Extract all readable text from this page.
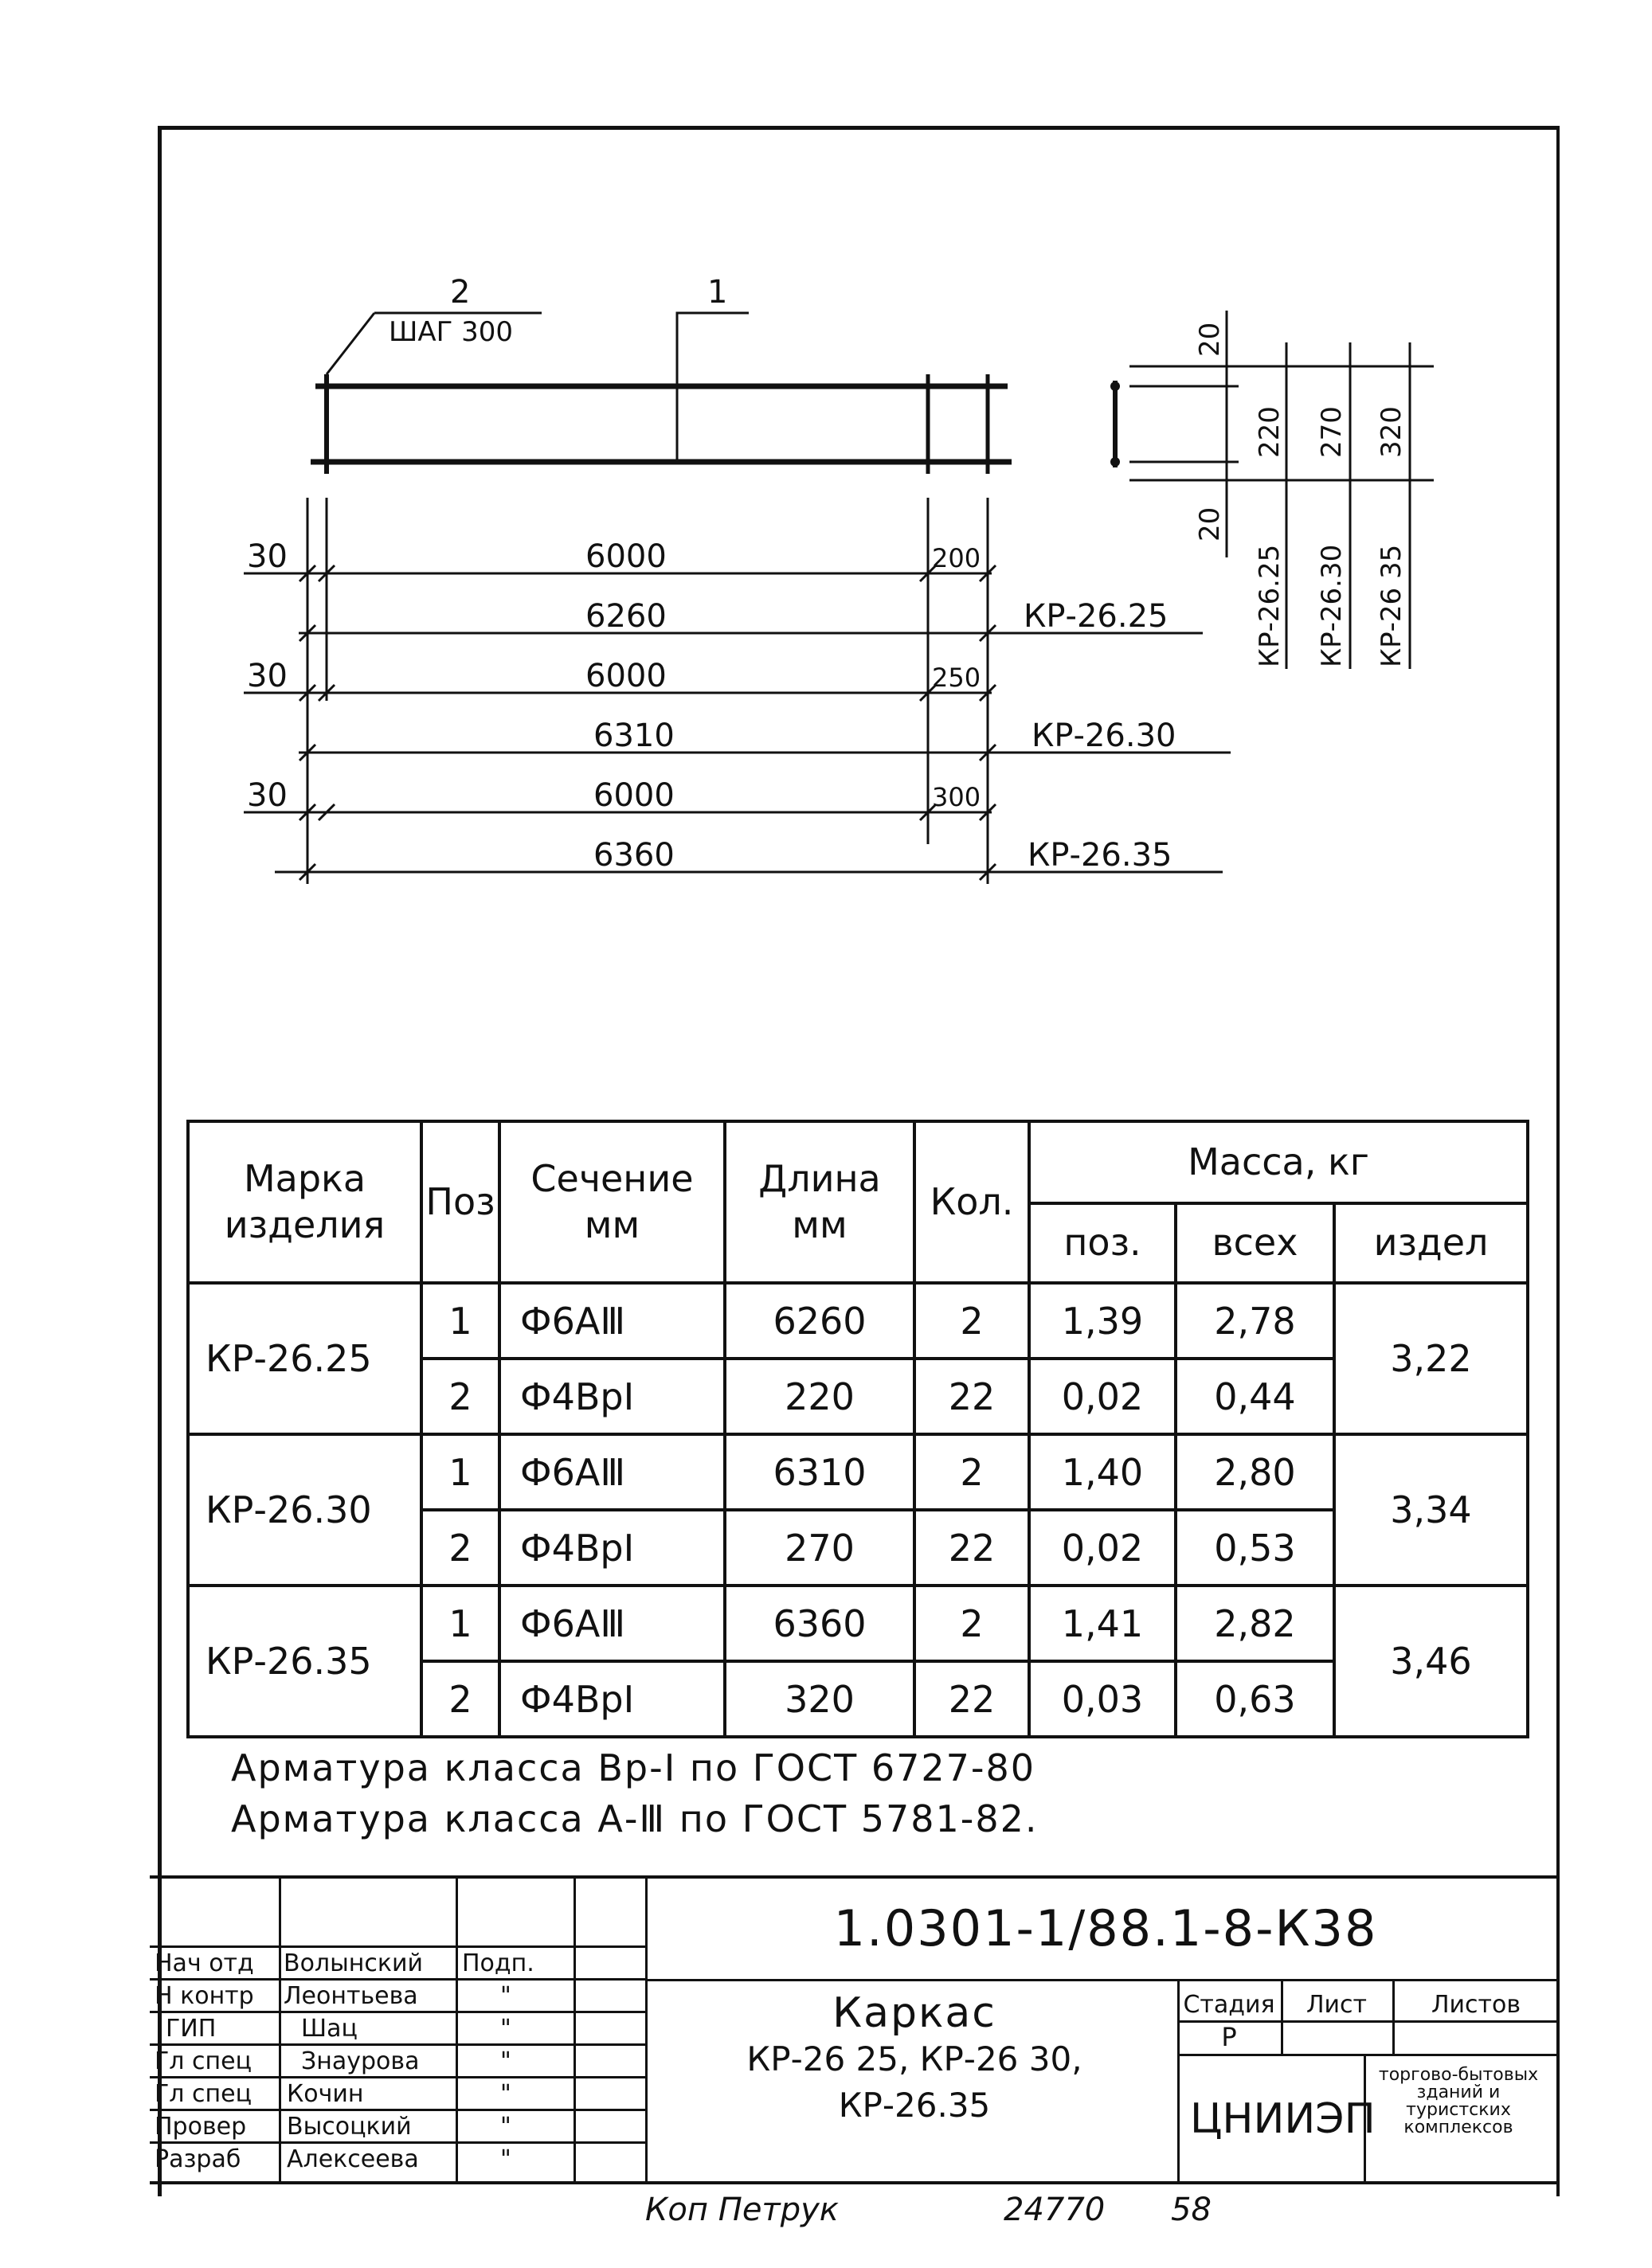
2
ШАГ 300
1
30	6000	200
6260	КР-26.25
30	6000	250
6310	КР-26.30
30	6000	300
6360	КР-26.35
20
20
220 270 320
КР-26.25 КР-26.30 КР-26 35
Марка изделия	Поз	Сечение мм	Длина мм	Кол.	Масса, кг		
					поз.	всех	издел
КР-26.25	1	Ф6АⅢ	6260	2	1,39	2,78	3,22
	2	Ф4ВрⅠ	220	22	0,02	0,44	
КР-26.30	1	Ф6АⅢ	6310	2	1,40	2,80	3,34
	2	Ф4ВрⅠ	270	22	0,02	0,53	
КР-26.35	1	Ф6АⅢ	6360	2	1,41	2,82	3,46
	2	Ф4ВрⅠ	320	22	0,03	0,63	
Арматура класса Вр-I по ГОСТ 6727-80
Арматура класса А-Ⅲ по ГОСТ 5781-82.
Нач отд Волынский Подп.
Н контр Леонтьева	"
ГИП	Шац	"
Гл спец Знаурова	"
Гл спец Кочин	"
Провер Высоцкий	"
Разраб Алексеева	"
1.0301-1/88.1-8-К38
Каркас
КР-26 25, КР-26 30,
КР-26.35
Стадия	Лист	Листов
Р
ЦНИИЭП
торгово-бытовых зданий и туристских комплексов
Коп Петрук	24770 58
